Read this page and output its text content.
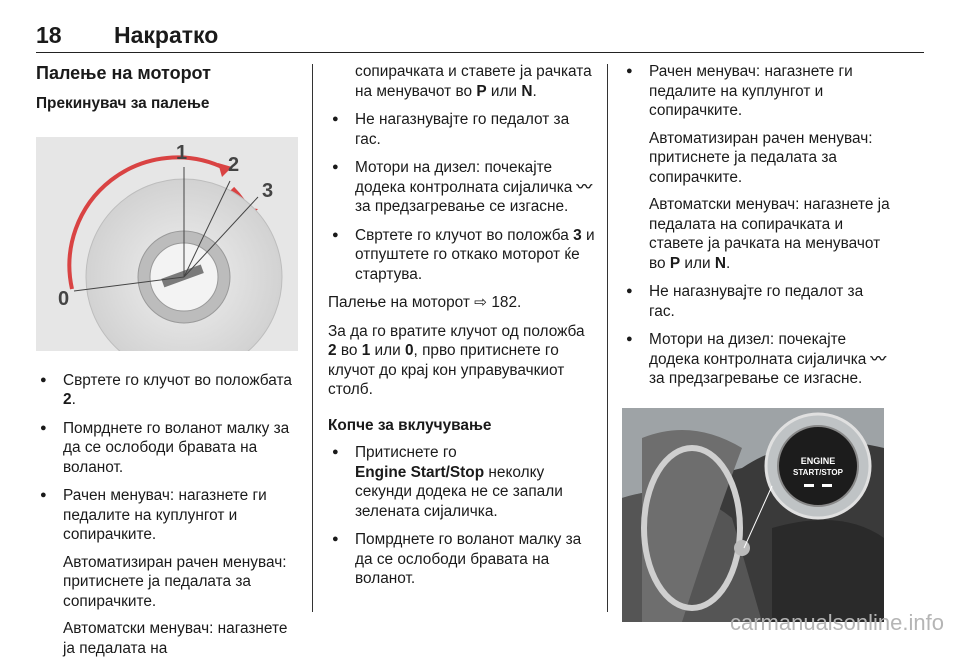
18 Накратко
Палење на моторот
Прекинувач за палење
0
1
2
3

● Свртете го клучот во положбата 2.

● Помрднете го воланот малку за да се ослободи бравата на воланот.

● Рачен менувач: нагазнете ги педалите на куплунгот и сопирачките.

Автоматизиран рачен менувач: притиснете ја педалата за сопирачките.

Автоматски менувач: нагазнете ја педалата на

сопирачката и ставете ја рачката на менувачот во P или N.

● Не нагазнувајте го педалот за гас.

● Мотори на дизел: почекајте додека контролната сијаличка 〰 за предзагревање се изгасне.

● Свртете го клучот во положба 3 и отпуштете го откако моторот ќе стартува.

Палење на моторот ⇨ 182.

За да го вратите клучот од положба 2 во 1 или 0, прво притиснете го клучот до крај кон управувачкиот столб.

Копче за вклучување

● Притиснете го
Engine Start/Stop неколку секунди додека не се запали зелената сијаличка.

● Помрднете го воланот малку за да се ослободи бравата на воланот.

● Рачен менувач: нагазнете ги педалите на куплунгот и сопирачките.

Автоматизиран рачен менувач: притиснете ја педалата за сопирачките.

Автоматски менувач: нагазнете ја педалата на сопирачката и ставете ја рачката на менувачот во P или N.

● Не нагазнувајте го педалот за гас.

● Мотори на дизел: почекајте додека контролната сијаличка 〰 за предзагревање се изгасне.

ENGINE
START/STOP
carmanualsonline.info
